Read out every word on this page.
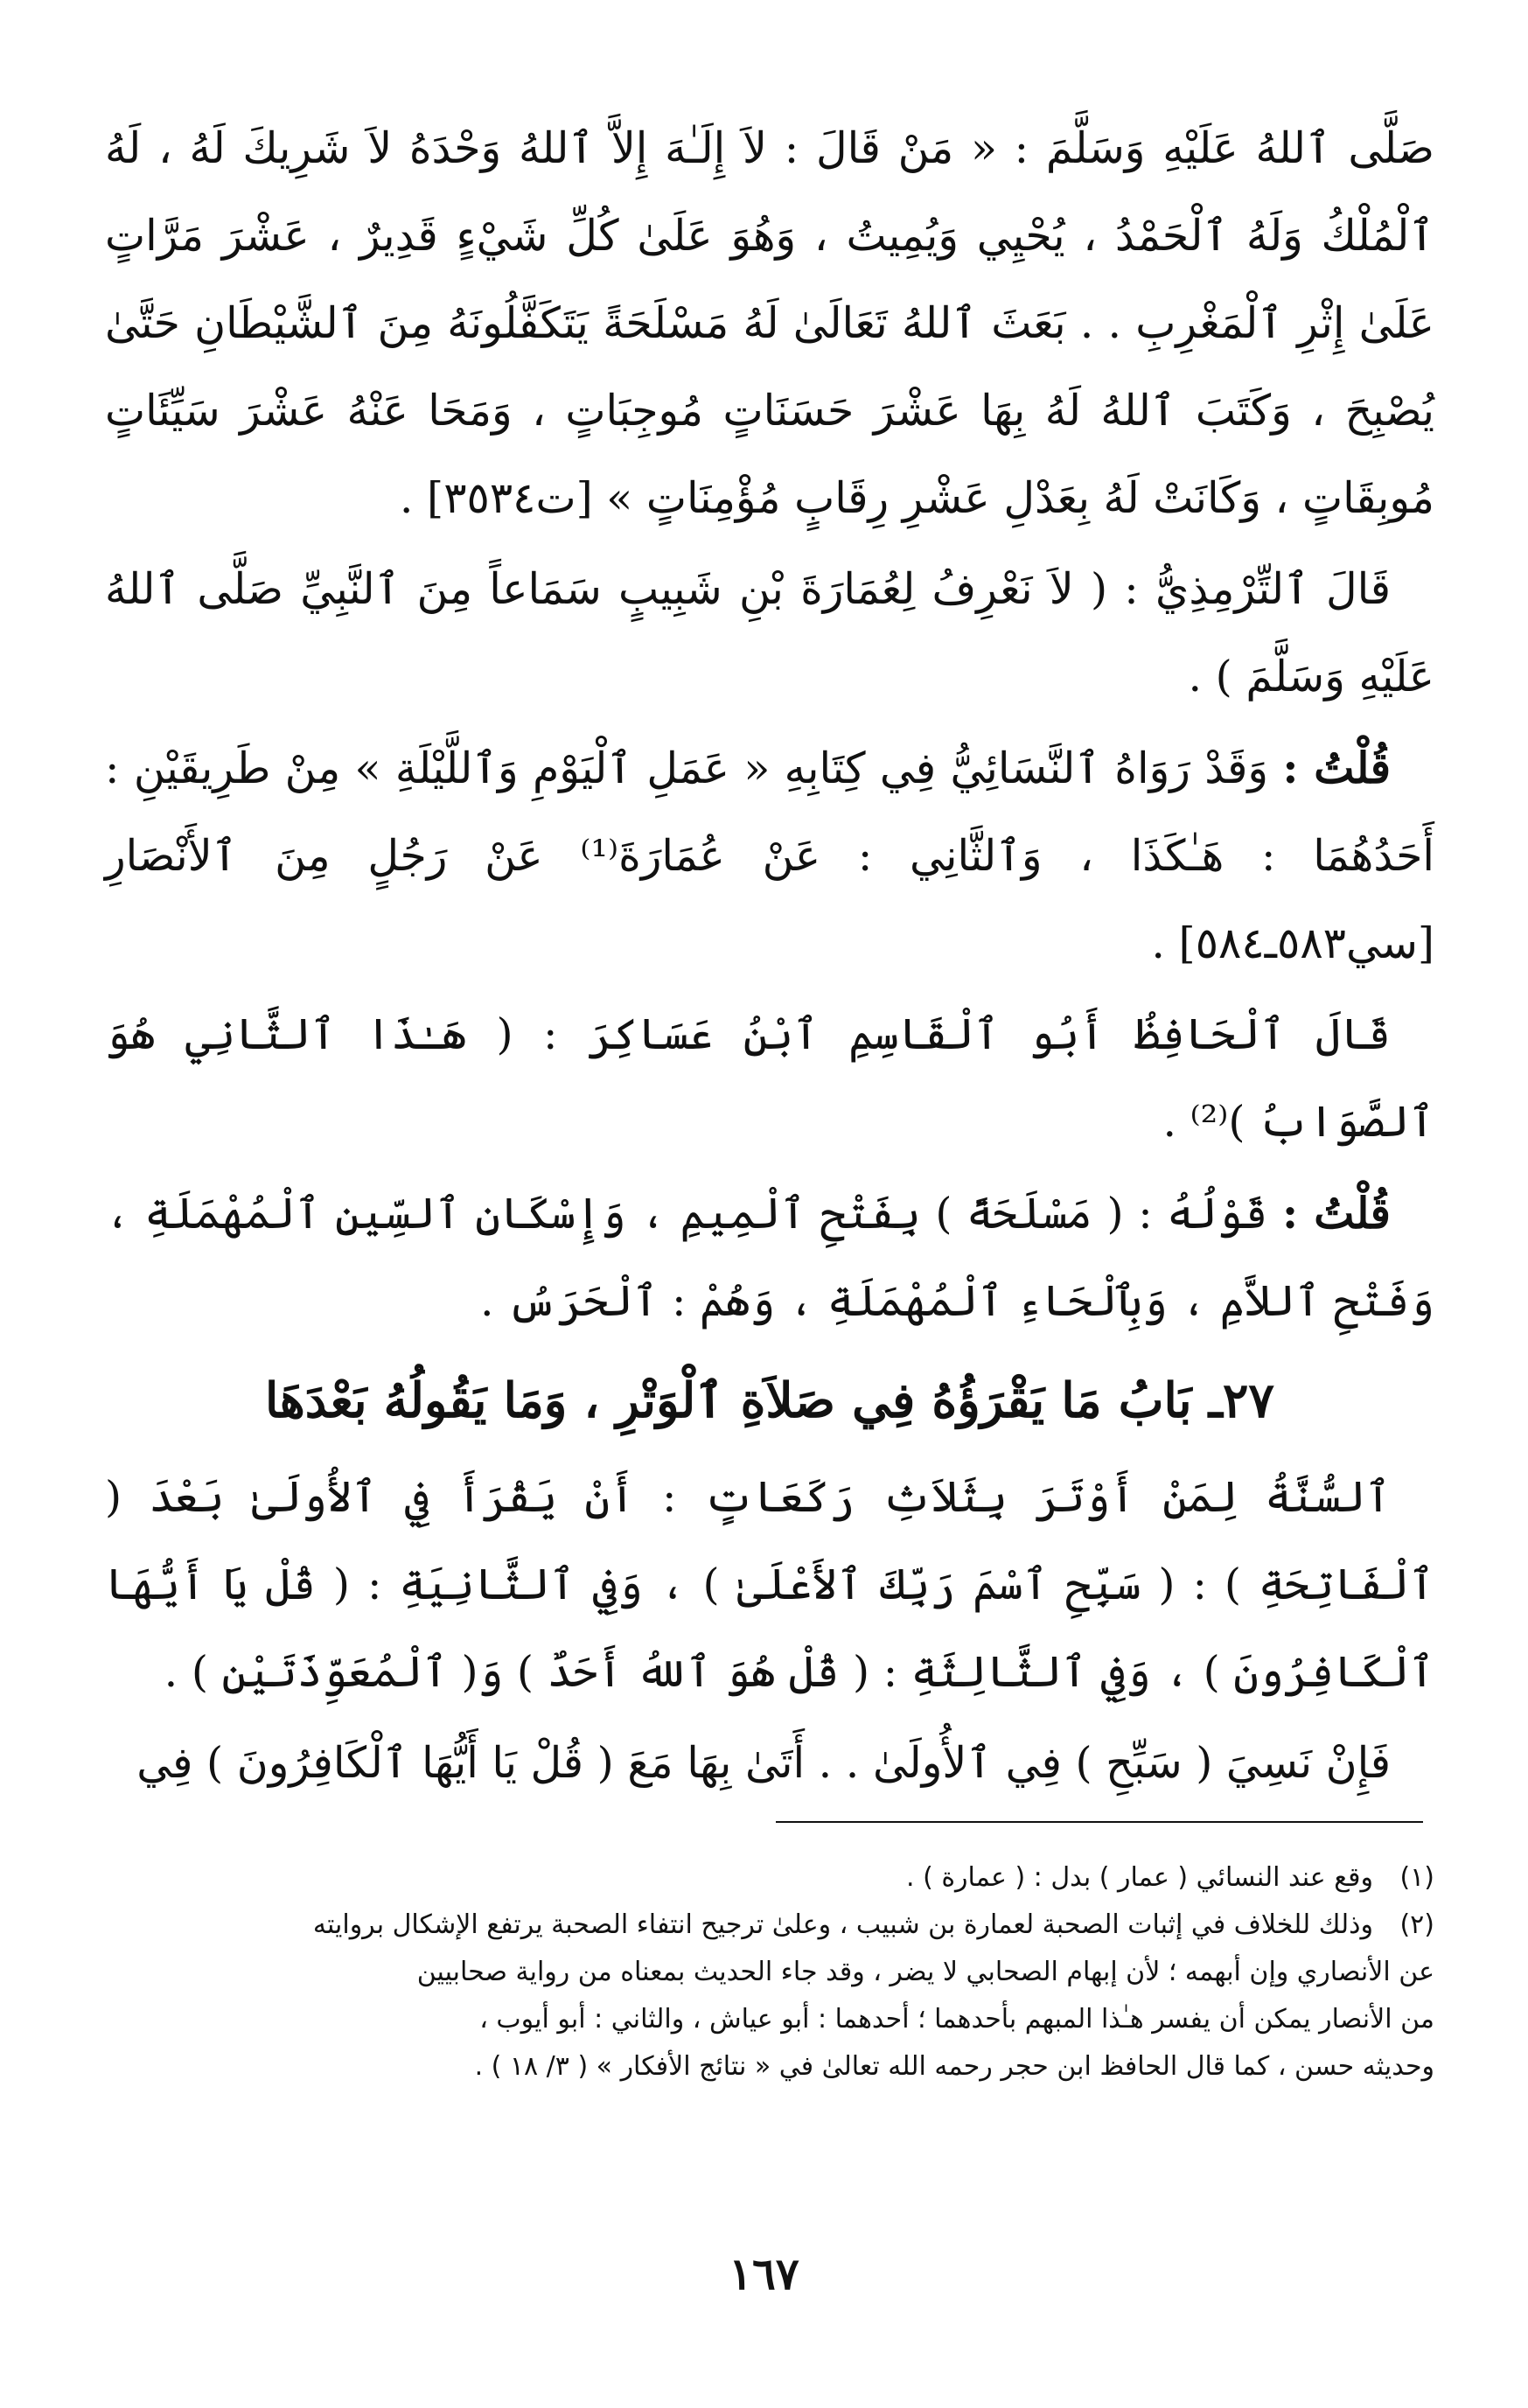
صَلَّى ٱللهُ عَلَيْهِ وَسَلَّمَ : « مَنْ قَالَ : لاَ إِلَـٰهَ إِلاَّ ٱللهُ وَحْدَهُ لاَ شَرِيكَ لَهُ ، لَهُ ٱلْمُلْكُ وَلَهُ ٱلْحَمْدُ ، يُحْيِي وَيُمِيتُ ، وَهُوَ عَلَىٰ كُلِّ شَيْءٍ قَدِيرٌ ، عَشْرَ مَرَّاتٍ عَلَىٰ إِثْرِ ٱلْمَغْرِبِ . . بَعَثَ ٱللهُ تَعَالَىٰ لَهُ مَسْلَحَةً يَتَكَفَّلُونَهُ مِنَ ٱلشَّيْطَانِ حَتَّىٰ يُصْبِحَ ، وَكَتَبَ ٱللهُ لَهُ بِهَا عَشْرَ حَسَنَاتٍ مُوجِبَاتٍ ، وَمَحَا عَنْهُ عَشْرَ سَيِّئَاتٍ مُوبِقَاتٍ ، وَكَانَتْ لَهُ بِعَدْلِ عَشْرِ رِقَابٍ مُؤْمِنَاتٍ » [ت٣٥٣٤] .

قَالَ ٱلتِّرْمِذِيُّ : ( لاَ نَعْرِفُ لِعُمَارَةَ بْنِ شَبِيبٍ سَمَاعاً مِنَ ٱلنَّبِيِّ صَلَّى ٱللهُ عَلَيْهِ وَسَلَّمَ ) .

قُلْتُ : وَقَدْ رَوَاهُ ٱلنَّسَائِيُّ فِي كِتَابِهِ « عَمَلِ ٱلْيَوْمِ وَٱللَّيْلَةِ » مِنْ طَرِيقَيْنِ : أَحَدُهُمَا : هَـٰكَذَا ، وَٱلثَّانِي : عَنْ عُمَارَةَ⁽¹⁾ عَنْ رَجُلٍ مِنَ ٱلأَنْصَارِ [سي٥٨٣ـ٥٨٤] .

قَالَ ٱلْحَافِظُ أَبُو ٱلْقَاسِمِ ٱبْنُ عَسَاكِرَ : ( هَـٰذَا ٱلثَّانِي هُوَ ٱلصَّوَابُ )⁽²⁾ .

قُلْتُ : قَوْلُهُ : ( مَسْلَحَةً ) بِفَتْحِ ٱلْمِيمِ ، وَإِسْكَانِ ٱلسِّينِ ٱلْمُهْمَلَةِ ، وَفَتْحِ ٱللاَّمِ ، وَبِٱلْحَاءِ ٱلْمُهْمَلَةِ ، وَهُمْ : ٱلْحَرَسُ .

٢٧ـ بَابُ مَا يَقْرَؤُهُ فِي صَلاَةِ ٱلْوَتْرِ ، وَمَا يَقُولُهُ بَعْدَهَا

ٱلسُّنَّةُ لِمَنْ أَوْتَرَ بِثَلاَثِ رَكَعَاتٍ : أَنْ يَقْرَأَ فِي ٱلأُولَىٰ بَعْدَ ( ٱلْفَاتِحَةِ ) : ( سَبِّحِ ٱسْمَ رَبِّكَ ٱلأَعْلَىٰ ) ، وَفِي ٱلثَّانِيَةِ : ( قُلْ يَا أَيُّهَا ٱلْكَافِرُونَ ) ، وَفِي ٱلثَّالِثَةِ : ( قُلْ هُوَ ٱللهُ أَحَدٌ ) وَ( ٱلْمُعَوِّذَتَيْنِ ) .

فَإِنْ نَسِيَ ( سَبِّحِ ) فِي ٱلأُولَىٰ . . أَتَىٰ بِهَا مَعَ ( قُلْ يَا أَيُّهَا ٱلْكَافِرُونَ ) فِي

(١)
وقع عند النسائي ( عمار ) بدل : ( عمارة ) .
(٢)
وذلك للخلاف في إثبات الصحبة لعمارة بن شبيب ، وعلىٰ ترجيح انتفاء الصحبة يرتفع الإشكال بروايته

عن الأنصاري وإن أبهمه ؛ لأن إبهام الصحابي لا يضر ، وقد جاء الحديث بمعناه من رواية صحابيين

من الأنصار يمكن أن يفسر هـٰذا المبهم بأحدهما ؛ أحدهما : أبو عياش ، والثاني : أبو أيوب ،

وحديثه حسن ، كما قال الحافظ ابن حجر رحمه الله تعالىٰ في « نتائج الأفكار » ( ٣/ ١٨ ) .

١٦٧
